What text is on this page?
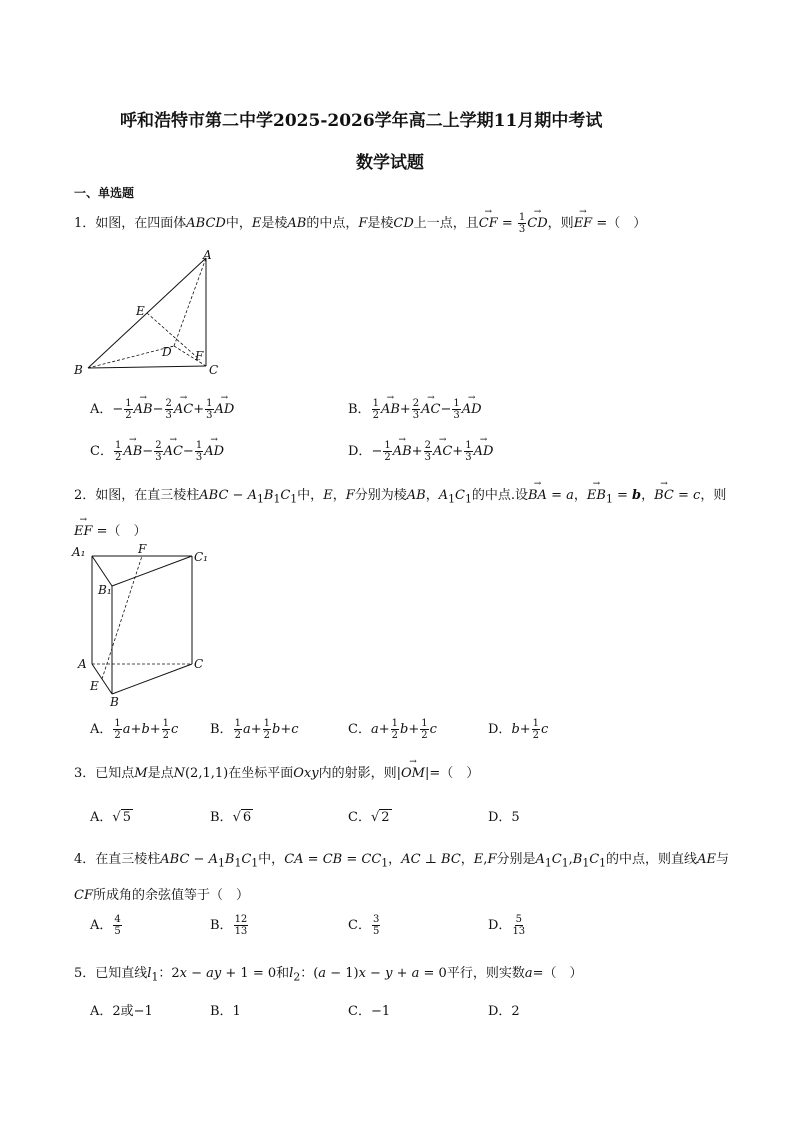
呼和浩特市第二中学2025-2026学年高二上学期11月期中考试
数学试题
一、单选题
1．如图，在四面体ABCD中，E是棱AB的中点，F是棱CD上一点，且→ CF = $\frac{1}{3}$
→ CD，则→ EF =（　）
A
E
D F
B	C
A．− $\frac{1}{2}$
→ $AB- \frac{2}{3}$
→ $AC+ \frac{1}{3}$
→ AD	B． $\frac{1}{2}$
→ $AB+ \frac{2}{3}$
→ $AC- \frac{1}{3}$
→ AD
C． $\frac{1}{2}$
→ $AB- \frac{2}{3}$
→ $AC- \frac{1}{3}$
→ AD	D．− $\frac{1}{2}$
→ $AB+ \frac{2}{3}$
→ $AC+ \frac{1}{3}$
→ AD
2．如图，在直三棱柱ABC − $A_1B_1C_1$中，E，F分别为棱AB，$A_1C_1$的中点.设→ BA = a，→ $EB_1 = b$，→ BC = c，则
→ EF =（　）
A₁	F
C₁
B₁
A	C
E
B
A． $\frac{1}{2} a+b+ \frac{1}{2}$ c B． $\frac{1}{2} a+ \frac{1}{2} b+c$	C．$a+ \frac{1}{2} b+ \frac{1}{2}$ c	D．$b+ \frac{1}{2}$ c
3．已知点M是点N(2,1,1)在坐标平面Oxy内的射影，则|→ OM|=（　）
A．√ 5	B．√ 6	C．√ 2	D．5
4．在直三棱柱ABC − $A_1B_1C_1$中，CA = CB = $CC_1$，AC ⊥ BC，E,F分别是$A_1C_1,B_1C_1$的中点，则直线AE与
CF所成角的余弦值等于（　）
A． $\frac{4}{5}$	B． $\frac{12}{13}$	C． $\frac{3}{5}$	D． $\frac{5}{13}$
5．已知直线$l_1$：2x − ay + 1 = 0和$l_2$：(a − 1)x − y + a = 0平行，则实数a=（　）
A．2或−1	B．1	C．−1	D．2
